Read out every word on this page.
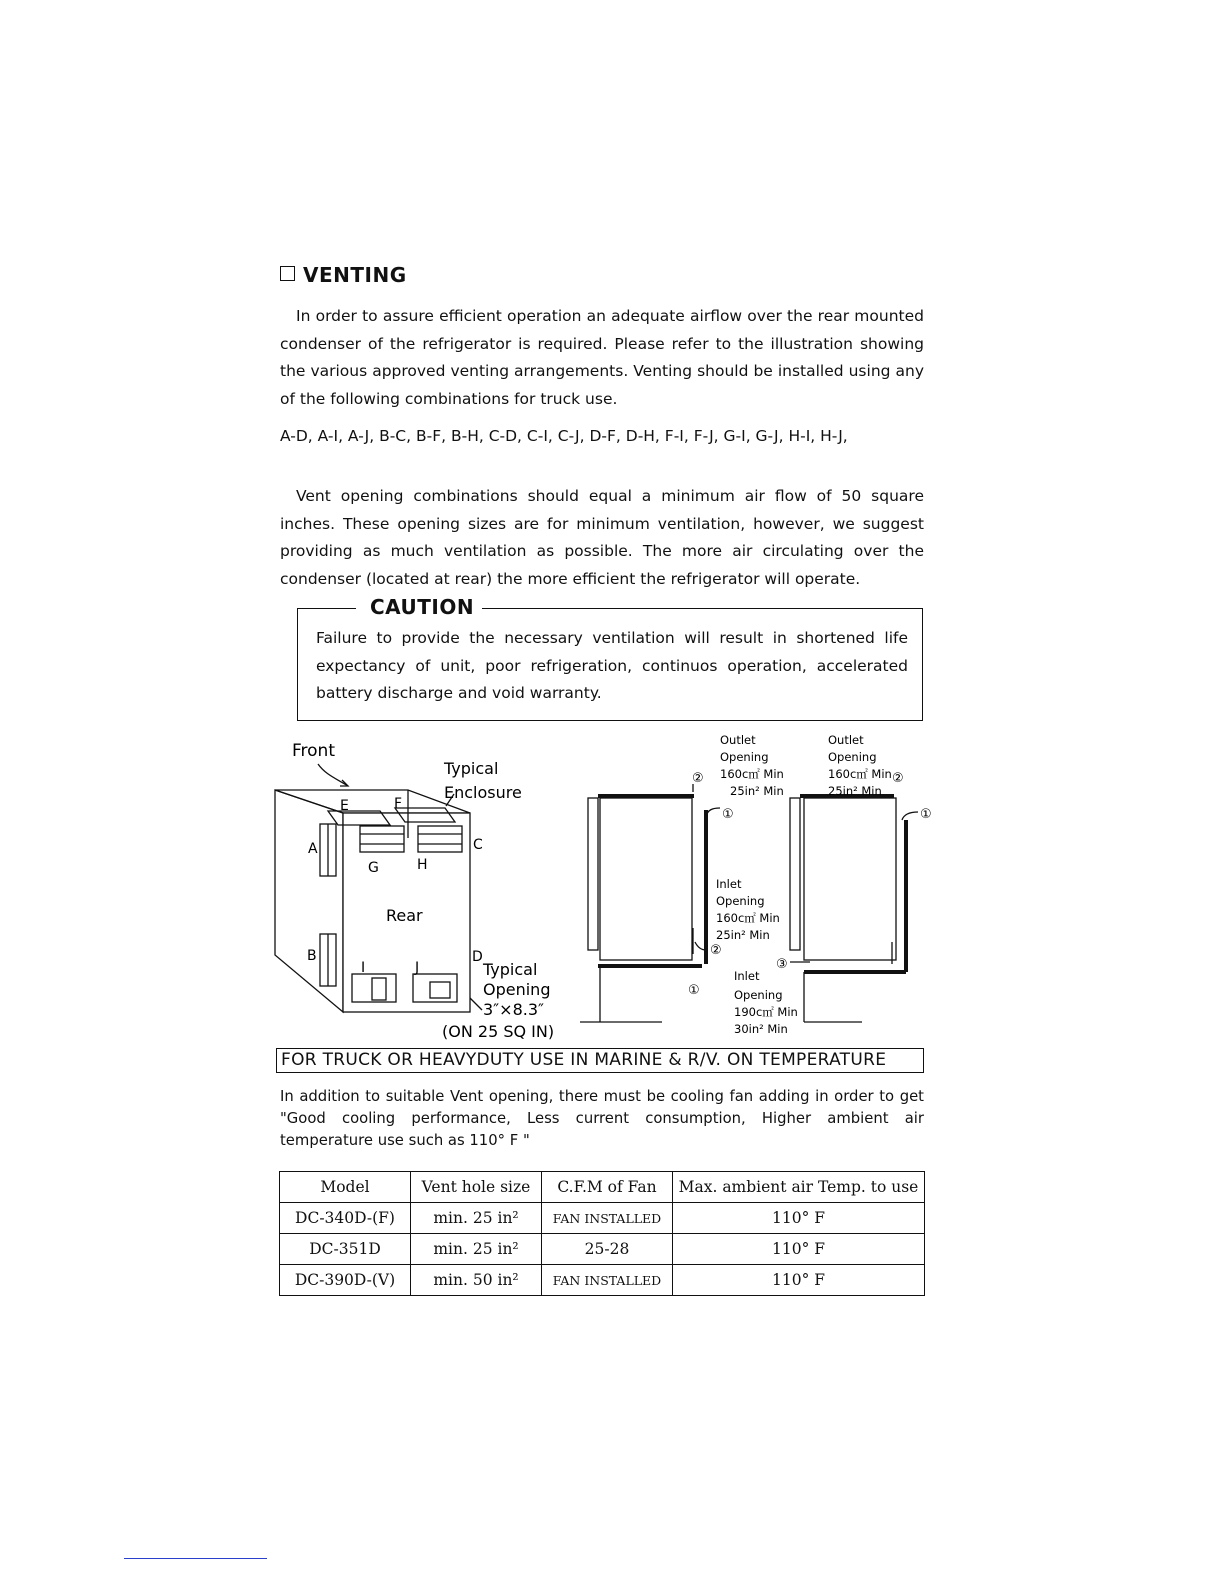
VENTING
In order to assure efficient operation an adequate airflow over the rear mounted condenser of the refrigerator is required. Please refer to the illustration showing the various approved venting arrangements. Venting should be installed using any of the following combinations for truck use.
A-D, A-I, A-J, B-C, B-F, B-H, C-D, C-I, C-J, D-F, D-H, F-I, F-J, G-I, G-J, H-I, H-J,
Vent opening combinations should equal a minimum air flow of 50 square inches. These opening sizes are for minimum ventilation, however, we suggest providing as much ventilation as possible. The more air circulating over the condenser (located at rear) the more efficient the refrigerator will operate.
CAUTION
Failure to provide the necessary ventilation will result in shortened life expectancy of unit, poor refrigeration, continuos operation, accelerated battery discharge and void warranty.
Front
Typical
Enclosure
Rear
E	F
A
G	H
C
B
I	J
D
Typical
Opening
3″×8.3″
(ON 25 SQ IN)
Outlet
Opening
160c㎡ Min
25in² Min
Outlet
Opening
160c㎡ Min
25in² Min
Inlet
Opening
160c㎡ Min
25in² Min
Inlet
Opening
190c㎡ Min
30in² Min
②
①
②
①
②
①
③
FOR TRUCK OR HEAVYDUTY USE IN MARINE & R/V. ON TEMPERATURE
In addition to suitable Vent opening, there must be cooling fan adding in order to get "Good cooling performance, Less current consumption, Higher ambient air temperature use such as 110° F "
Model	Vent hole size	C.F.M of Fan	Max. ambient air Temp. to use
DC-340D-(F)	min. 25 in²	FAN INSTALLED	110° F
DC-351D	min. 25 in²	25-28	110° F
DC-390D-(V)	min. 50 in²	FAN INSTALLED	110° F
